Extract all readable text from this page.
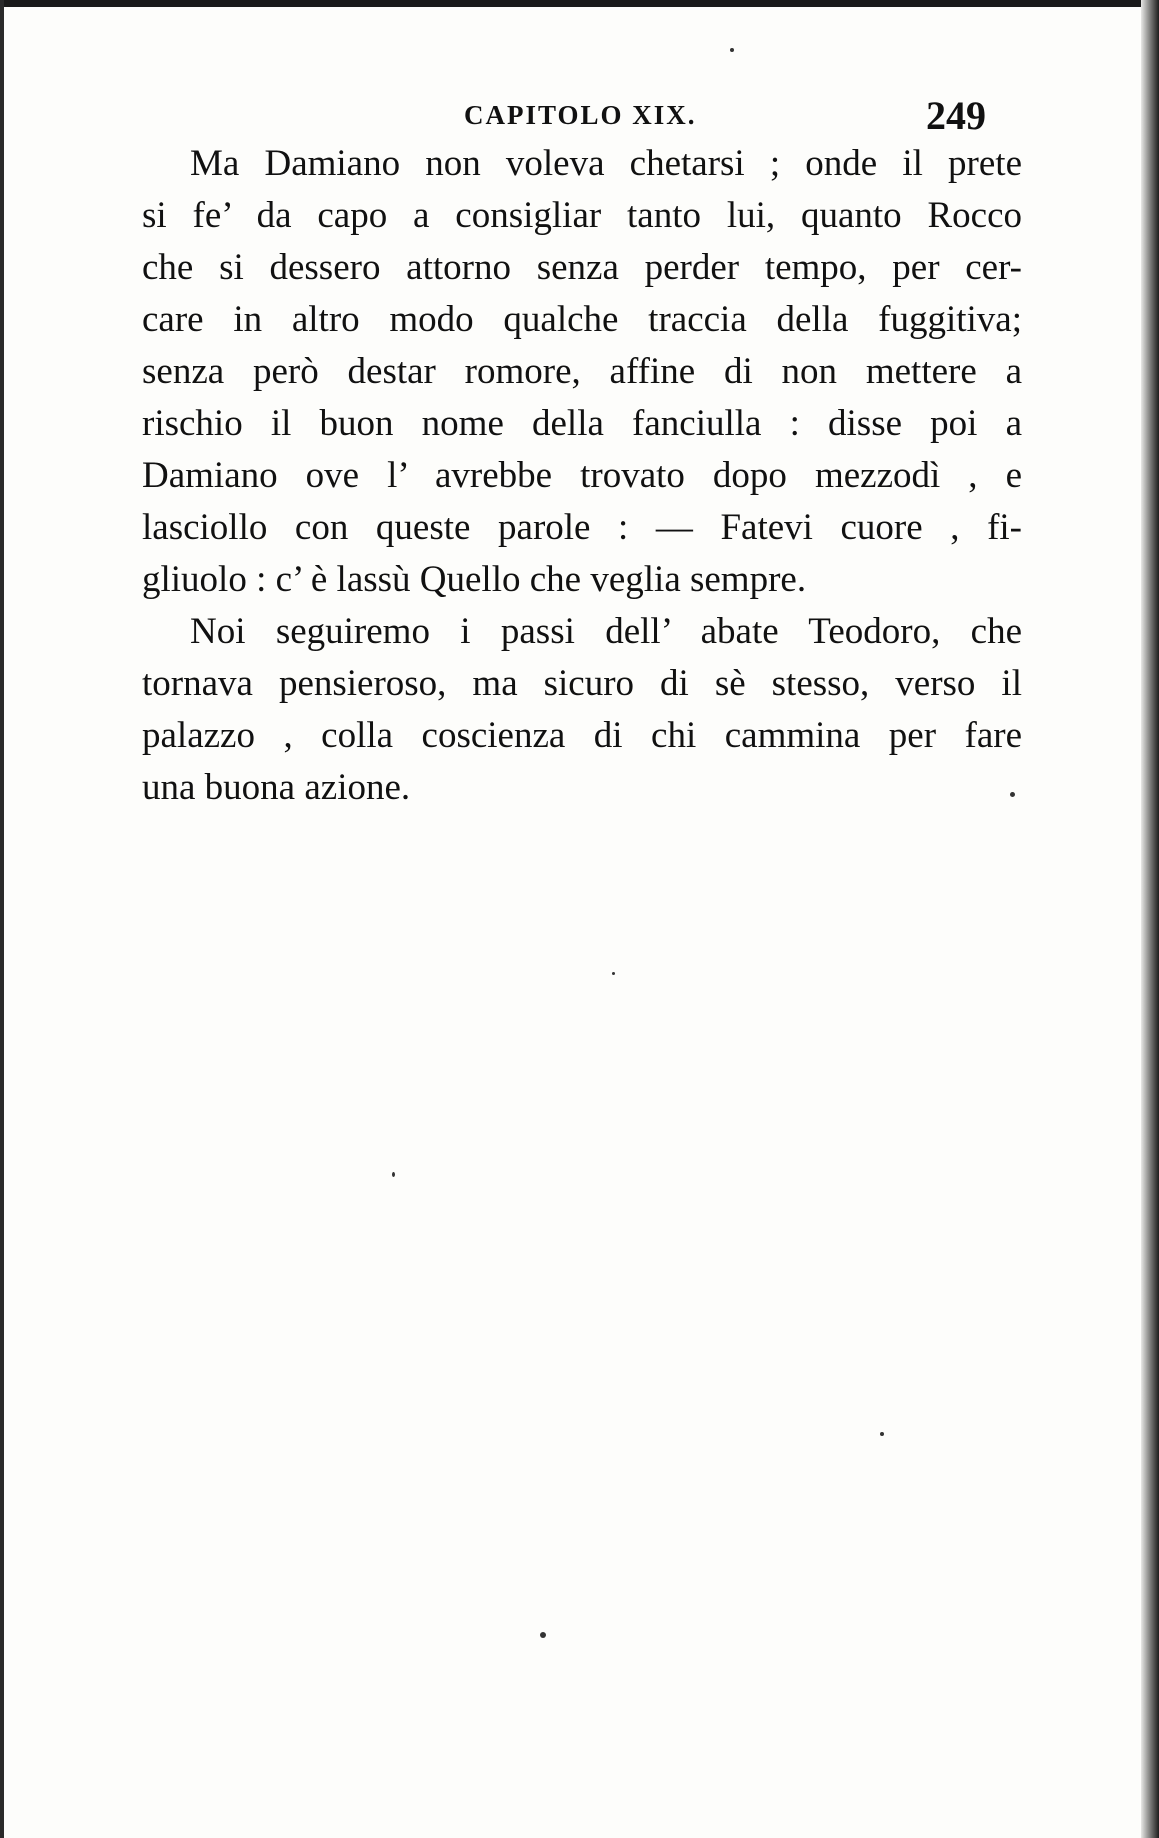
CAPITOLO XIX.	249
Ma Damiano non voleva chetarsi ; onde il prete
si fe’ da capo a consigliar tanto lui, quanto Rocco
che si dessero attorno senza perder tempo, per cer-
care in altro modo qualche traccia della fuggitiva;
senza però destar romore, affine di non mettere a
rischio il buon nome della fanciulla : disse poi a
Damiano ove l’ avrebbe trovato dopo mezzodì , e
lasciollo con queste parole : — Fatevi cuore , fi-
gliuolo : c’ è lassù Quello che veglia sempre.
Noi seguiremo i passi dell’ abate Teodoro, che
tornava pensieroso, ma sicuro di sè stesso, verso il
palazzo , colla coscienza di chi cammina per fare
una buona azione.
